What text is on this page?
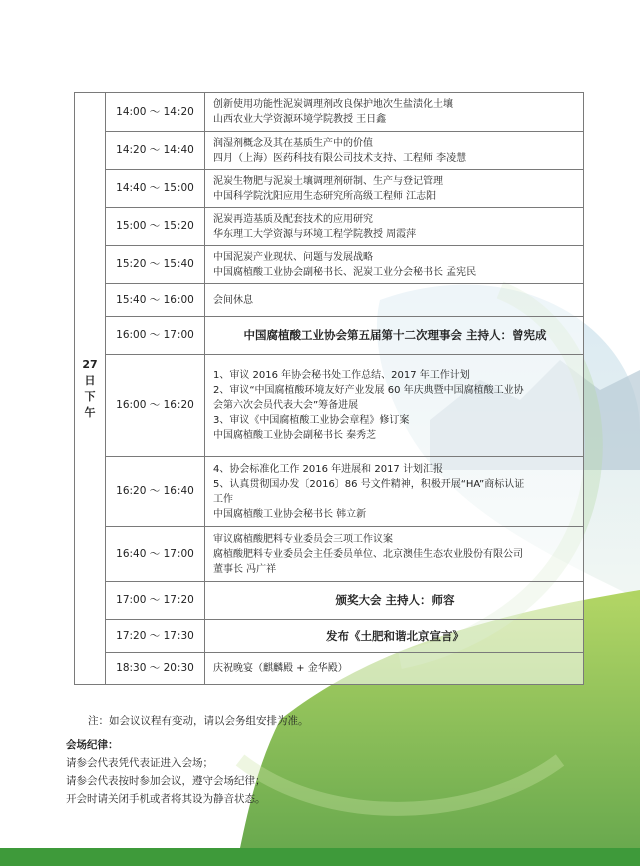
27
日
下
午	14:00 ～ 14:20	创新使用功能性泥炭调理剂改良保护地次生盐渍化土壤
山西农业大学资源环境学院教授 王日鑫

	14:20 ～ 14:40	润湿剂概念及其在基质生产中的价值
四月（上海）医药科技有限公司技术支持、工程师 李凌慧

	14:40 ～ 15:00	泥炭生物肥与泥炭土壤调理剂研制、生产与登记管理
中国科学院沈阳应用生态研究所高级工程师 江志阳

	15:00 ～ 15:20	泥炭再造基质及配套技术的应用研究
华东理工大学资源与环境工程学院教授 周霞萍

	15:20 ～ 15:40	中国泥炭产业现状、问题与发展战略
中国腐植酸工业协会副秘书长、泥炭工业分会秘书长 孟宪民

	15:40 ～ 16:00	会间休息

	16:00 ～ 17:00	中国腐植酸工业协会第五届第十二次理事会 主持人：曾宪成

	16:00 ～ 16:20	1、审议 2016 年协会秘书处工作总结、2017 年工作计划
2、审议“中国腐植酸环境友好产业发展 60 年庆典暨中国腐植酸工业协
会第六次会员代表大会”筹备进展
3、审议《中国腐植酸工业协会章程》修订案
中国腐植酸工业协会副秘书长 秦秀芝

	16:20 ～ 16:40	4、协会标准化工作 2016 年进展和 2017 计划汇报
5、认真贯彻国办发〔2016〕86 号文件精神，积极开展“HA”商标认证
工作
中国腐植酸工业协会秘书长 韩立新

	16:40 ～ 17:00	审议腐植酸肥料专业委员会三项工作议案
腐植酸肥料专业委员会主任委员单位、北京澳佳生态农业股份有限公司
董事长 冯广祥

	17:00 ～ 17:20	颁奖大会 主持人：师容

	17:20 ～ 17:30	发布《土肥和谐北京宣言》

	18:30 ～ 20:30	庆祝晚宴（麒麟殿 + 金华殿）
注：如会议议程有变动，请以会务组安排为准。
会场纪律：
请参会代表凭代表证进入会场；
请参会代表按时参加会议，遵守会场纪律；
开会时请关闭手机或者将其设为静音状态。
